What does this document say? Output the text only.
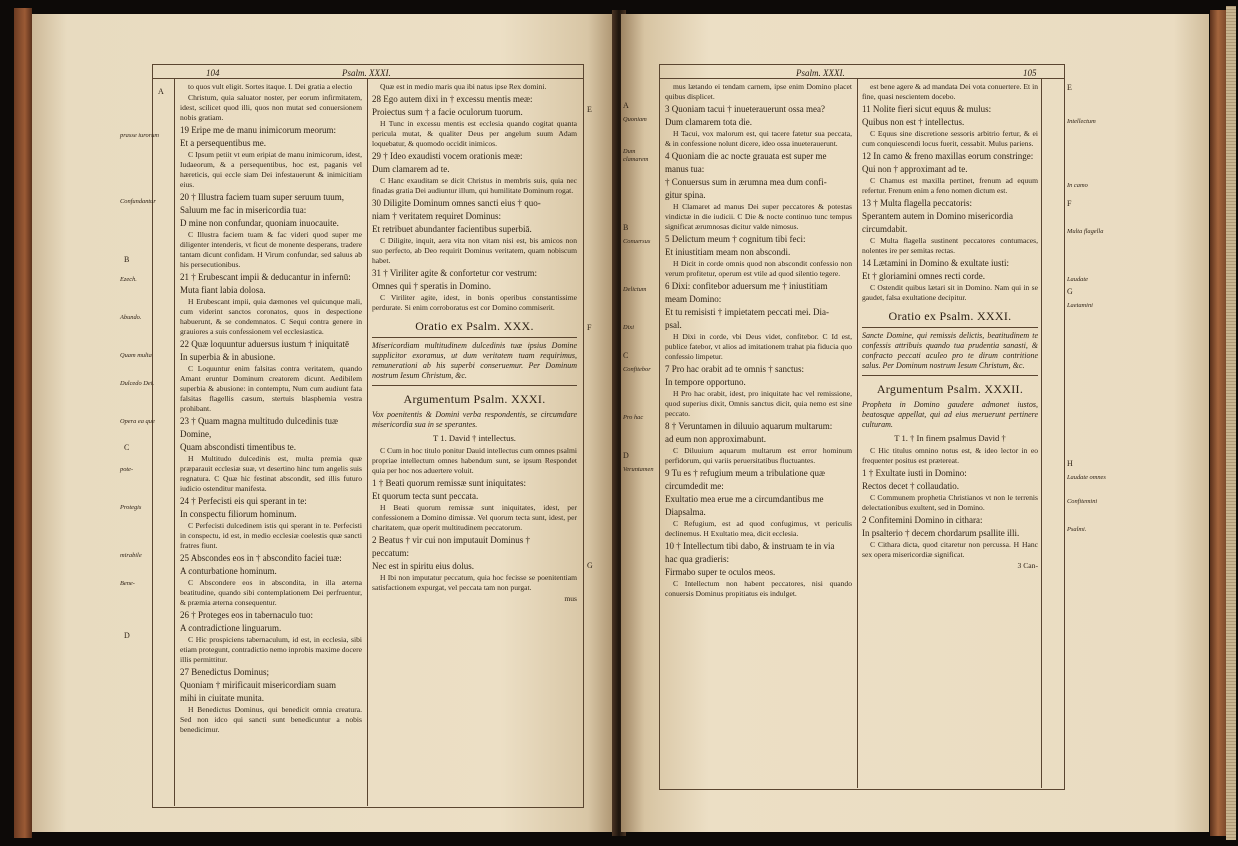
104	Psalm. XXXI.
A
B
C
D
prasse iurorum
Confundantur
Ezech.
Abundo.
Quam multa
Dulcedo Dei.
Opera ea que
pote-
Protegis
mirabile
Bene-
E
F
G

to quos vult eligit. Sortes itaque. I. Dei gratia a electio

Christum, quia saluator noster, per eorum infirmitatem, idest, scilicet quod illi, quos non mutat sed conuersionem nobis gratiam.

19 Eripe me de manu inimicorum meorum:

Et a persequentibus me.

C Ipsum petiit vt eum eripiat de manu inimicorum, idest, Iudaeorum, & a persequentibus, hoc est, paganis vel hæreticis, qui eccle siam Dei infestauerunt & inimicitiam eius.

20 † Illustra faciem tuam super seruum tuum,

Saluum me fac in misericordia tua:

D mine non confundar, quoniam inuocauite.

C Illustra faciem tuam & fac videri quod super me diligenter intenderis, vt ficut de monente desperans, tradere tantam dicunt confidam. H Virum confundar, sed saluus ab his persecutionibus.

21 † Erubescant impii & deducantur in infernū:

Muta fiant labia dolosa.

H Erubescant impii, quia dæmones vel quicunque mali, cum viderint sanctos coronatos, quos in despectione habuerunt, & se condemnatos. C Sequi contra genere in grauiores a suis confessionem vel ecclesiastica.

22 Quæ loquuntur aduersus iustum † iniquitatē

In superbia & in abusione.

C Loquuntur enim falsitas contra veritatem, quando Amant eruntur Dominum creatorem dicunt. Aedibilem superbia & abusione: in contemptu, Num cum audiunt fata falsitas flagellis cæsum, stertuis blasphemia vestra prohibant.

23 † Quam magna multitudo dulcedinis tuæ

Domine,

Quam abscondisti timentibus te.

H Multitudo dulcedinis est, multa premia quæ præparauit ecclesiæ suæ, vt desertino hinc tum angelis suis regnatura. C Quæ hic festinat abscondit, sed illis futuro iudicio ostenditur manifesta.

24 † Perfecisti eis qui sperant in te:

In conspectu filiorum hominum.

C Perfecisti dulcedinem istis qui sperant in te. Perfecisti in conspectu, id est, in medio ecclesiæ coelestis quæ sancti fratres fiunt.

25 Abscondes eos in † abscondito faciei tuæ:

A conturbatione hominum.

C Abscondere eos in abscondita, in illa æterna beatitudine, quando sibi contemplationem Dei perfruentur, & præmia æterna consequentur.

26 † Proteges eos in tabernaculo tuo:

A contradictione linguarum.

C Hic prospiciens tabernaculum, id est, in ecclesia, sibi etiam protegunt, contradictio nemo inprobis maxime docere illis permittitur.

27 Benedictus Dominus;

Quoniam † mirificauit misericordiam suam

mihi in ciuitate munita.

H Benedictus Dominus, qui benedicit omnia creatura. Sed non idco qui sancti sunt benedicuntur a nobis benedicimur.

Quæ est in medio maris qua ibi natus ipse Rex domini.

28 Ego autem dixi in † excessu mentis meæ:

Proiectus sum † a facie oculorum tuorum.

H Tunc in excessu mentis est ecclesia quando cogitat quanta pericula mutat, & qualiter Deus per angelum suum Adam loquebatur, & quomodo occidit inimicos.

29 † Ideo exaudisti vocem orationis meæ:

Dum clamarem ad te.

C Hanc exauditam se dicit Christus in membris suis, quia nec finadas gratia Dei audiuntur illum, qui humilitate Dominum rogat.

30 Diligite Dominum omnes sancti eius † quo-

niam † veritatem requiret Dominus:

Et retribuet abundanter facientibus superbiā.

C Diligite, inquit, aera vita non vitam nisi est, bis amicos non suo perfecto, ab Deo requirit Dominus veritatem, quam nobiscum habet.

31 † Viriliter agite & confortetur cor vestrum:

Omnes qui † speratis in Domino.

C Viriliter agite, idest, in bonis operibus constantissime perdurate. Si enim corroboratus est cor Domino commiserit.

Oratio ex Psalm. XXX.

Misericordiam multitudinem dulcedinis tuæ ipsius Domine supplicitor exoramus, ut dum veritatem tuam requirimus, remunerationi ab his superbi conseruemur. Per Dominum nostrum Iesum Christum, &c.

Argumentum Psalm. XXXI.

Vox poenitentis & Domini verba respondentis, se circumdare misericordia sua in se sperantes.

T 1. David † intellectus.

C Cum in hoc titulo ponitur Dauid intellectus cum omnes psalmi propriae intellectum omnes habendum sunt, se ipsum Respondet quia per hoc nos aduertere voluit.

1 † Beati quorum remissæ sunt iniquitates:

Et quorum tecta sunt peccata.

H Beati quorum remissæ sunt iniquitates, idest, per confessionem a Domino dimissæ. Vel quorum tecta sunt, idest, per charitatem, quæ operit multitudinem peccatorum.

2 Beatus † vir cui non imputauit Dominus †

peccatum:

Nec est in spiritu eius dolus.

H Ibi non imputatur peccatum, quia hoc fecisse se poenitentiam satisfactionem expurgat, vel peccata tam non purgat.

mus

Psalm. XXXI.	105
A
Quoniam
Dum clamarem
B
Conuersus
Delictum
Dixi
C
Confitebor
Pro hac
D
Veruntamen
E
Intellectum
In camo
F
Multa flagella
Laudate
G
Laetamini
H
Laudate omnes
Confitemini
Psalmi.

mus lætando ei tendam carnem, ipse enim Domino placet quibus displicet.

3 Quoniam tacui † inueterauerunt ossa mea?

Dum clamarem tota die.

H Tacui, vox malorum est, qui tacere fatetur sua peccata, & in confessione nolunt dicere, ideo ossa inueterauerunt.

4 Quoniam die ac nocte grauata est super me

manus tua:

† Conuersus sum in ærumna mea dum confi-

gitur spina.

H Clamaret ad manus Dei super peccatores & potestas vindictæ in die iudicii. C Die & nocte continuo tunc tempus significat ærumnosas dicitur valde nimosus.

5 Delictum meum † cognitum tibi feci:

Et iniustitiam meam non abscondi.

H Dicit in corde omnis quod non abscondit confessio non verum profitetur, operum est vtile ad quod silentio tegere.

6 Dixi: confitebor aduersum me † iniustitiam

meam Domino:

Et tu remisisti † impietatem peccati mei. Dia-

psal.

H Dixi in corde, vbi Deus videt, confitebor. C Id est, publice fatebor, vt alios ad imitationem trahat pia fiducia quo confessio limpetur.

7 Pro hac orabit ad te omnis † sanctus:

In tempore opportuno.

H Pro hac orabit, idest, pro iniquitate hac vel remissione, quod superius dixit, Omnis sanctus dicit, quia nemo est sine peccato.

8 † Veruntamen in diluuio aquarum multarum:

ad eum non approximabunt.

C Diluuium aquarum multarum est error hominum perfidorum, qui variis peruersitatibus fluctuantes.

9 Tu es † refugium meum a tribulatione quæ

circumdedit me:

Exultatio mea erue me a circumdantibus me

Diapsalma.

C Refugium, est ad quod confugimus, vt periculis declinemus. H Exultatio mea, dicit ecclesia.

10 † Intellectum tibi dabo, & instruam te in via

hac qua gradieris:

Firmabo super te oculos meos.

C Intellectum non habent peccatores, nisi quando conuersis Dominus propitiatus eis indulget.

est bene agere & ad mandata Dei vota conuertere. Et in fine, quasi nescientem docebo.

11 Nolite fieri sicut equus & mulus:

Quibus non est † intellectus.

C Equus sine discretione sessoris arbitrio fertur, & ei cum conquiescendi locus fuerit, cessabit. Mulus pariens.

12 In camo & freno maxillas eorum constringe:

Qui non † approximant ad te.

C Chamus est maxilla pertinet, frenum ad equum refertur. Frenum enim a feno nomen dictum est.

13 † Multa flagella peccatoris:

Sperantem autem in Domino misericordia

circumdabit.

C Multa flagella sustinent peccatores contumaces, nolentes ire per semitas rectas.

14 Lætamini in Domino & exultate iusti:

Et † gloriamini omnes recti corde.

C Ostendit quibus lætari sit in Domino. Nam qui in se gaudet, falsa exultatione decipitur.

Oratio ex Psalm. XXXI.

Sancte Domine, qui remissis delictis, beatitudinem te confessis attribuis quando tua prudentia sanasti, & confracto peccati aculeo pro te dirum contritione salus. Per Dominum nostrum Iesum Christum, &c.

Argumentum Psalm. XXXII.

Propheta in Domino gaudere admonet iustos, beatosque appellat, qui ad eius meruerunt pertinere culturam.

T 1. † In finem psalmus David †

C Hic titulus omnino notus est, & ideo lector in eo frequenter positus est prætereat.

1 † Exultate iusti in Domino:

Rectos decet † collaudatio.

C Communem prophetia Christianos vt non le terrenis delectationibus exultent, sed in Domino.

2 Confitemini Domino in cithara:

In psalterio † decem chordarum psallite illi.

C Cithara dicta, quod citaretur non percussa. H Hanc sex opera misericordiæ significat.

3 Can-
